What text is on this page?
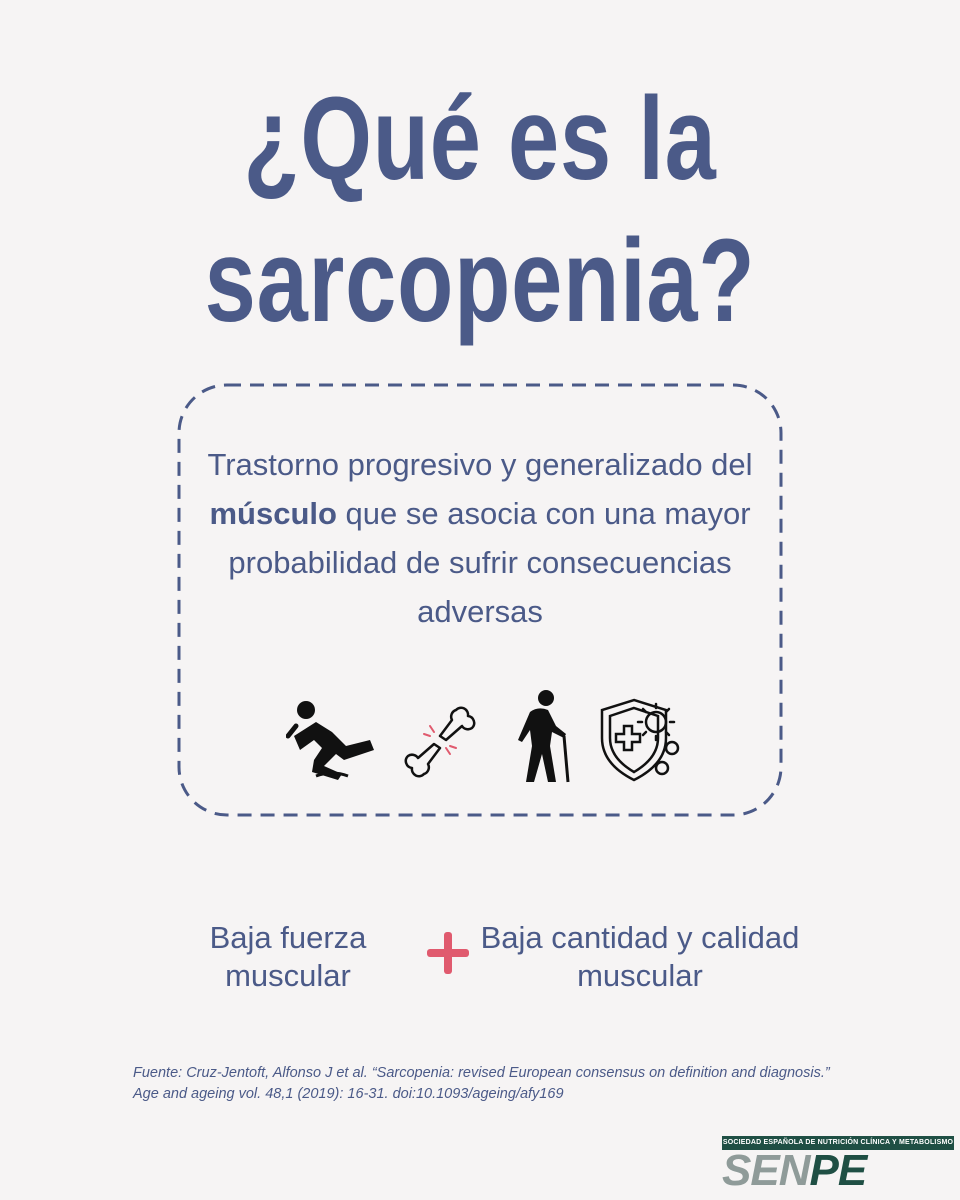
¿Qué es la
sarcopenia?
Trastorno progresivo y generalizado del músculo que se asocia con una mayor probabilidad de sufrir consecuencias adversas
Baja fuerza muscular
Baja cantidad y calidad muscular
Fuente: Cruz-Jentoft, Alfonso J et al. “Sarcopenia: revised European consensus on definition and diagnosis.” Age and ageing vol. 48,1 (2019): 16-31. doi:10.1093/ageing/afy169
SOCIEDAD ESPAÑOLA DE NUTRICIÓN CLÍNICA Y METABOLISMO
SENPE
